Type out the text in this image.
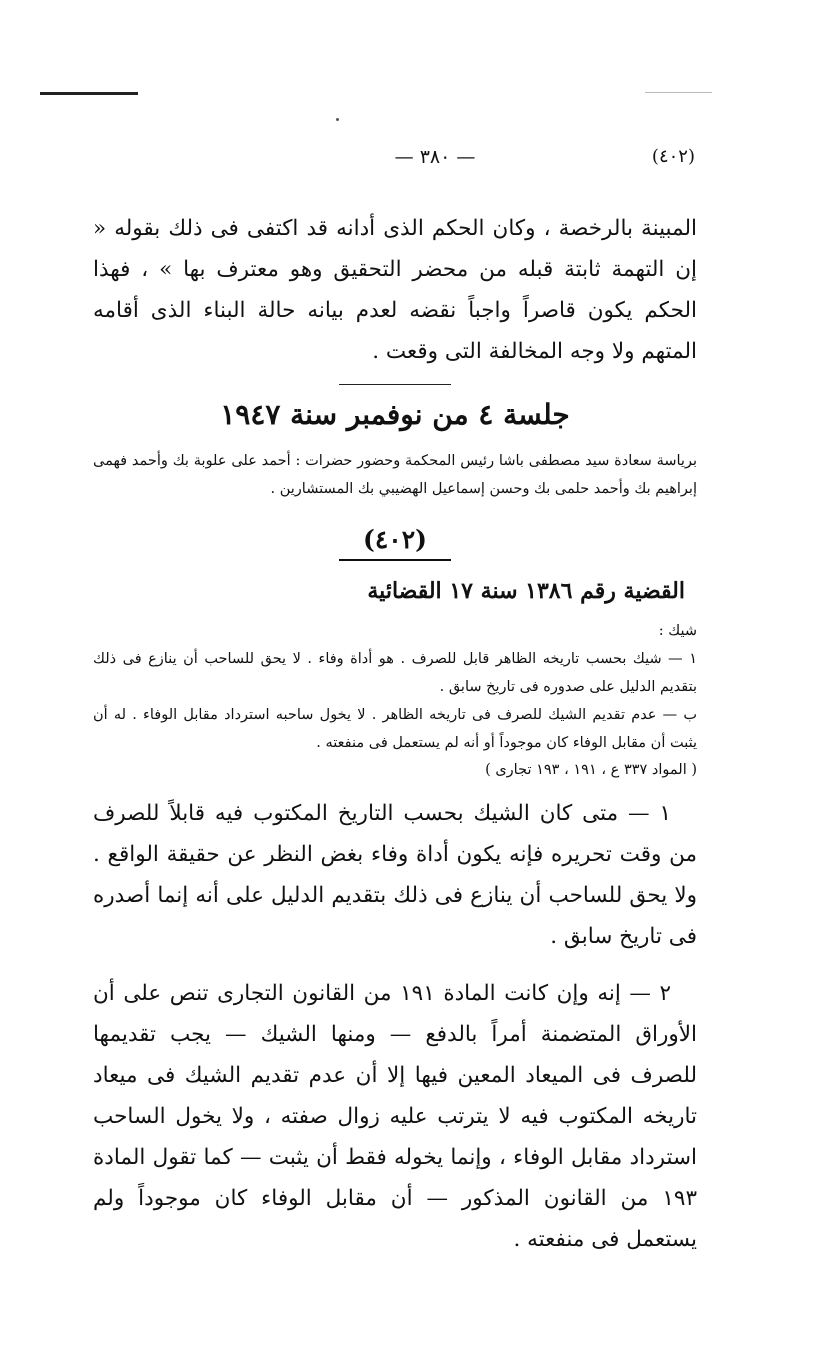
— ٣٨٠ —	(٤٠٢)

المبينة بالرخصة ، وكان الحكم الذى أدانه قد اكتفى فى ذلك بقوله « إن التهمة ثابتة قبله من محضر التحقيق وهو معترف بها » ، فهذا الحكم يكون قاصراً واجباً نقضه لعدم بيانه حالة البناء الذى أقامه المتهم ولا وجه المخالفة التى وقعت .

جلسة ٤ من نوفمبر سنة ١٩٤٧

برياسة سعادة سيد مصطفى باشا رئيس المحكمة وحضور حضرات : أحمد على علوبة بك وأحمد فهمى إبراهيم بك وأحمد حلمى بك وحسن إسماعيل الهضيبي بك المستشارين .

(٤٠٢)
القضية رقم ١٣٨٦ سنة ١٧ القضائية

شيك :

١ — شيك بحسب تاريخه الظاهر قابل للصرف . هو أداة وفاء . لا يحق للساحب أن ينازع فى ذلك بتقديم الدليل على صدوره فى تاريخ سابق .

ب — عدم تقديم الشيك للصرف فى تاريخه الظاهر . لا يخول ساحبه استرداد مقابل الوفاء . له أن يثبت أن مقابل الوفاء كان موجوداً أو أنه لم يستعمل فى منفعته .

( المواد ٣٣٧ ع ، ١٩١ ، ١٩٣ تجارى )

١ — متى كان الشيك بحسب التاريخ المكتوب فيه قابلاً للصرف من وقت تحريره فإنه يكون أداة وفاء بغض النظر عن حقيقة الواقع . ولا يحق للساحب أن ينازع فى ذلك بتقديم الدليل على أنه إنما أصدره فى تاريخ سابق .

٢ — إنه وإن كانت المادة ١٩١ من القانون التجارى تنص على أن الأوراق المتضمنة أمراً بالدفع — ومنها الشيك — يجب تقديمها للصرف فى الميعاد المعين فيها إلا أن عدم تقديم الشيك فى ميعاد تاريخه المكتوب فيه لا يترتب عليه زوال صفته ، ولا يخول الساحب استرداد مقابل الوفاء ، وإنما يخوله فقط أن يثبت — كما تقول المادة ١٩٣ من القانون المذكور — أن مقابل الوفاء كان موجوداً ولم يستعمل فى منفعته .
